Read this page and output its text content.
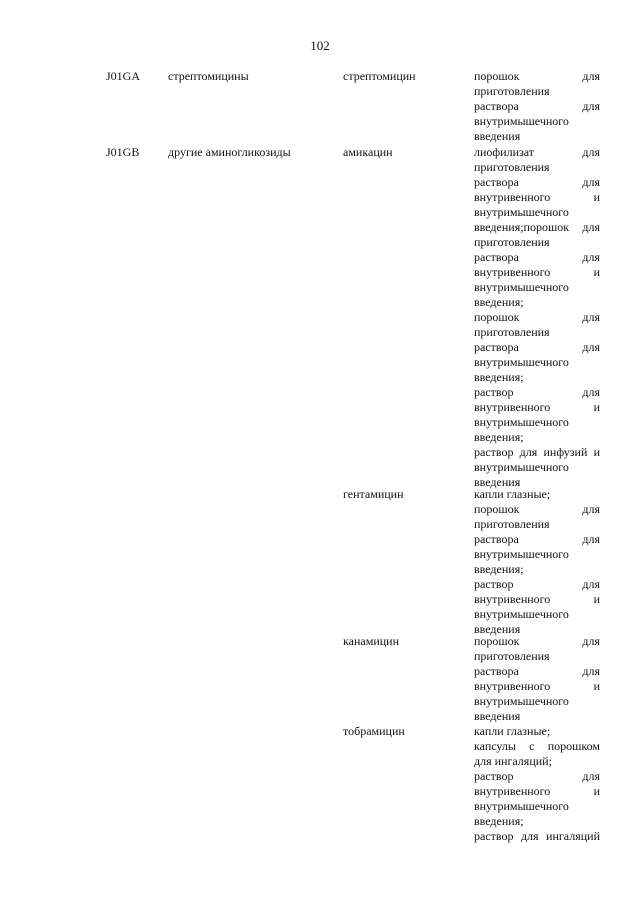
102
J01GA стрептомицины	стрептомицин	порошок для
приготовления
раствора для
внутримышечного
введения
J01GB другие аминогликозиды	амикацин	лиофилизат для
приготовления
раствора для
внутривенного и
внутримышечного
введения;порошок для
приготовления
раствора для
внутривенного и
внутримышечного
введения;
порошок для
приготовления
раствора для
внутримышечного
введения;
раствор для
внутривенного и
внутримышечного
введения;
раствор для инфузий и
внутримышечного
введения
гентамицин	капли глазные;
порошок для
приготовления
раствора для
внутримышечного
введения;
раствор для
внутривенного и
внутримышечного
введения
канамицин	порошок для
приготовления
раствора для
внутривенного и
внутримышечного
введения
тобрамицин	капли глазные;
капсулы с порошком
для ингаляций;
раствор для
внутривенного и
внутримышечного
введения;
раствор для ингаляций
